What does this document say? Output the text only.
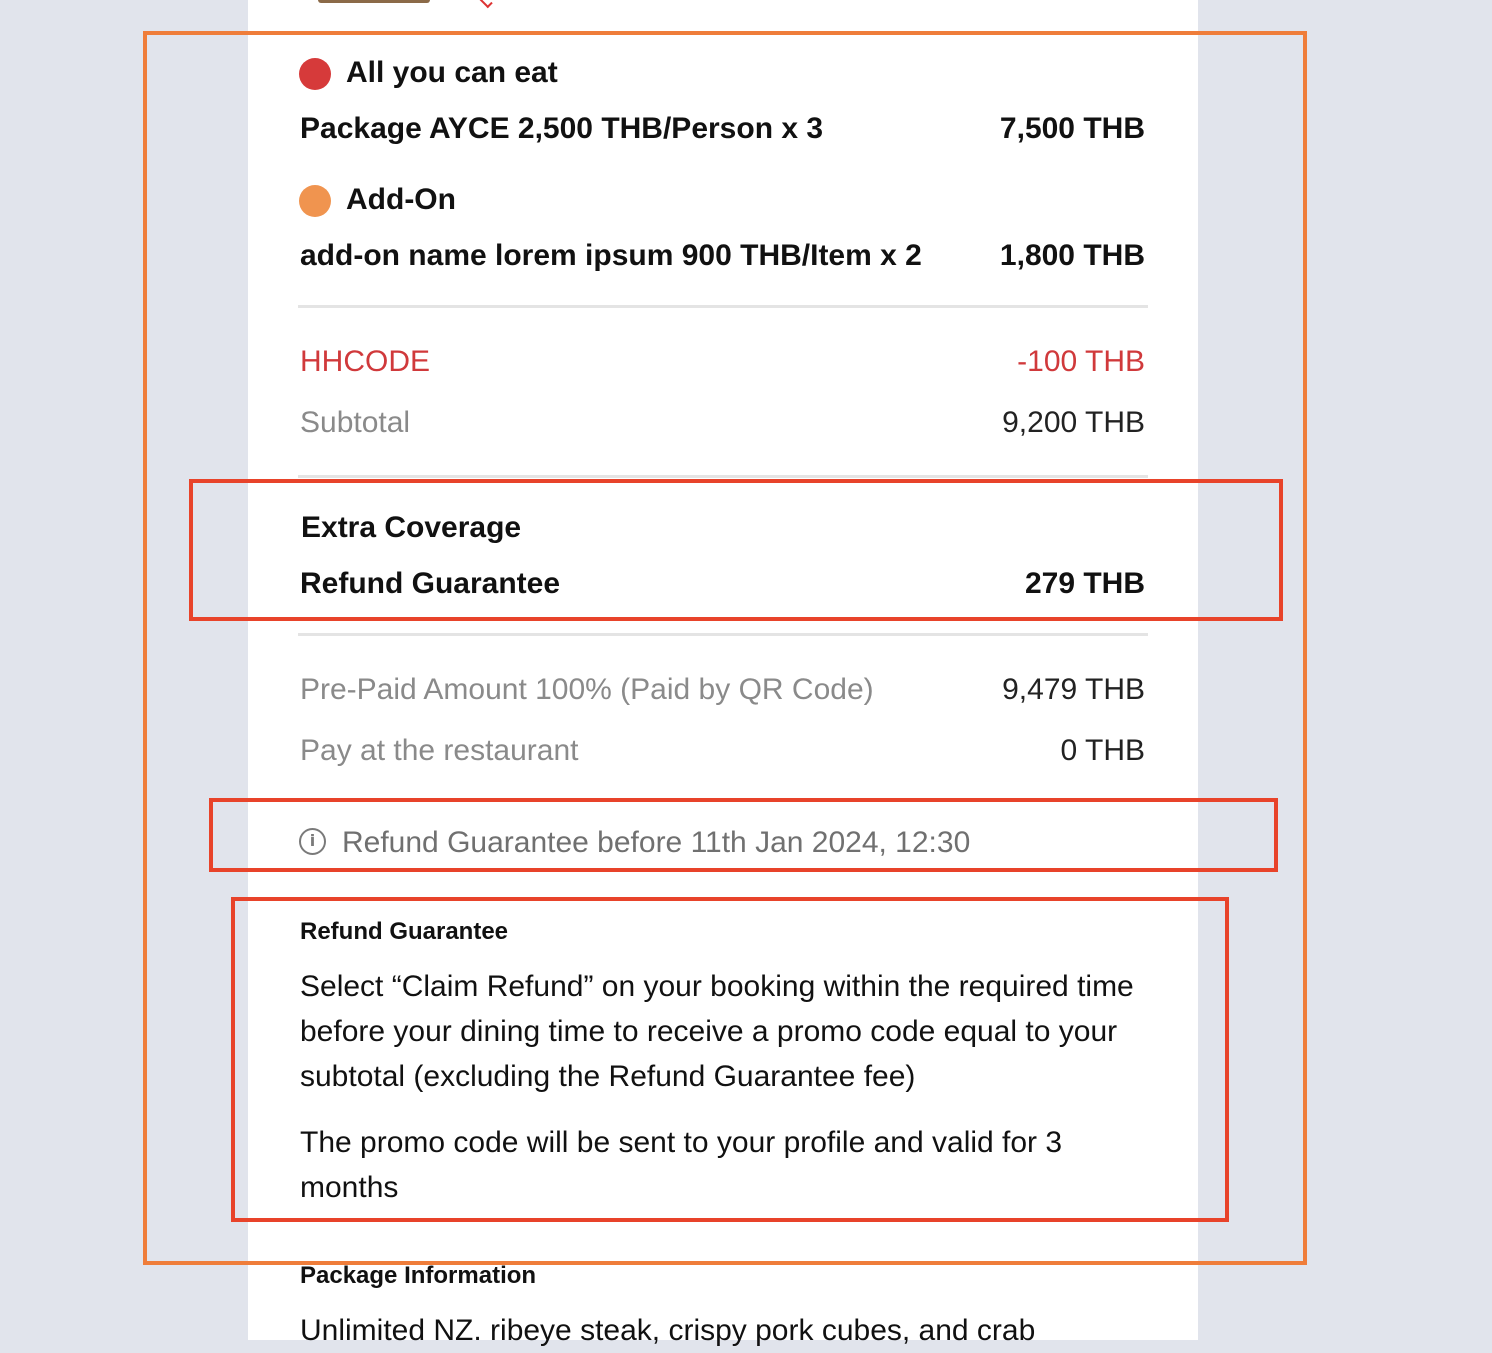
All you can eat
Package AYCE 2,500 THB/Person x 3	7,500 THB
Add-On
add-on name lorem ipsum 900 THB/Item x 2	1,800 THB
HHCODE	-100 THB
Subtotal	9,200 THB
Extra Coverage
Refund Guarantee	279 THB
Pre-Paid Amount 100% (Paid by QR Code)	9,479 THB
Pay at the restaurant	0 THB
i Refund Guarantee before 11th Jan 2024, 12:30
Refund Guarantee
Select “Claim Refund” on your booking within the required time before your dining time to receive a promo code equal to your subtotal (excluding the Refund Guarantee fee)
The promo code will be sent to your profile and valid for 3 months
Package Information
Unlimited NZ. ribeye steak, crispy pork cubes, and crab
